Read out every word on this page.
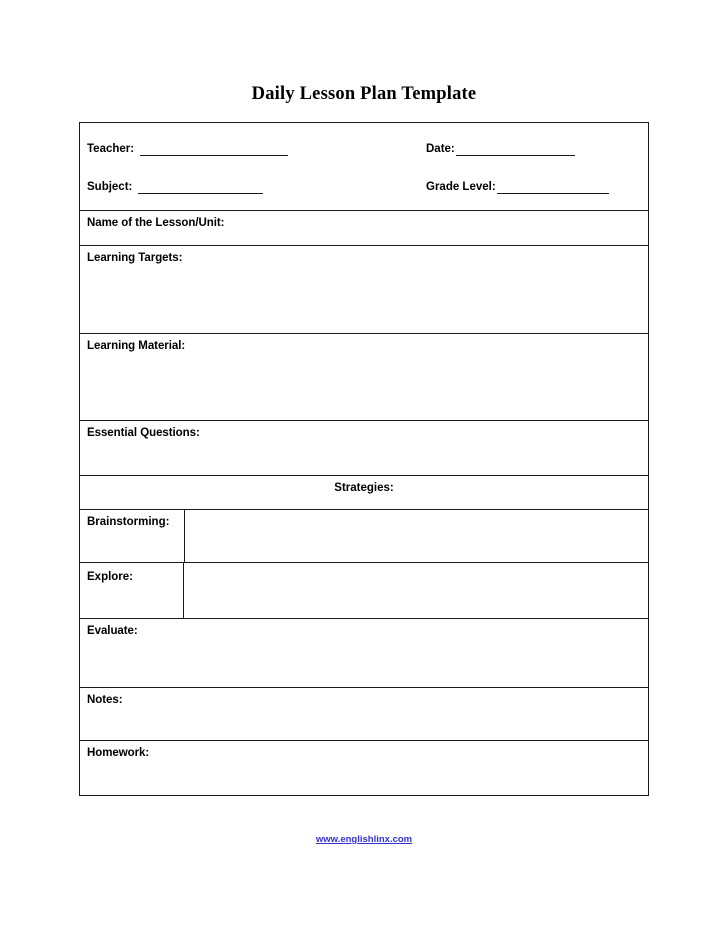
Daily Lesson Plan Template
Teacher:	Date:
Subject:	Grade Level:
Name of the Lesson/Unit:
Learning Targets:
Learning Material:
Essential Questions:
Strategies:
Brainstorming:
Explore:
Evaluate:
Notes:
Homework:
www.englishlinx.com
